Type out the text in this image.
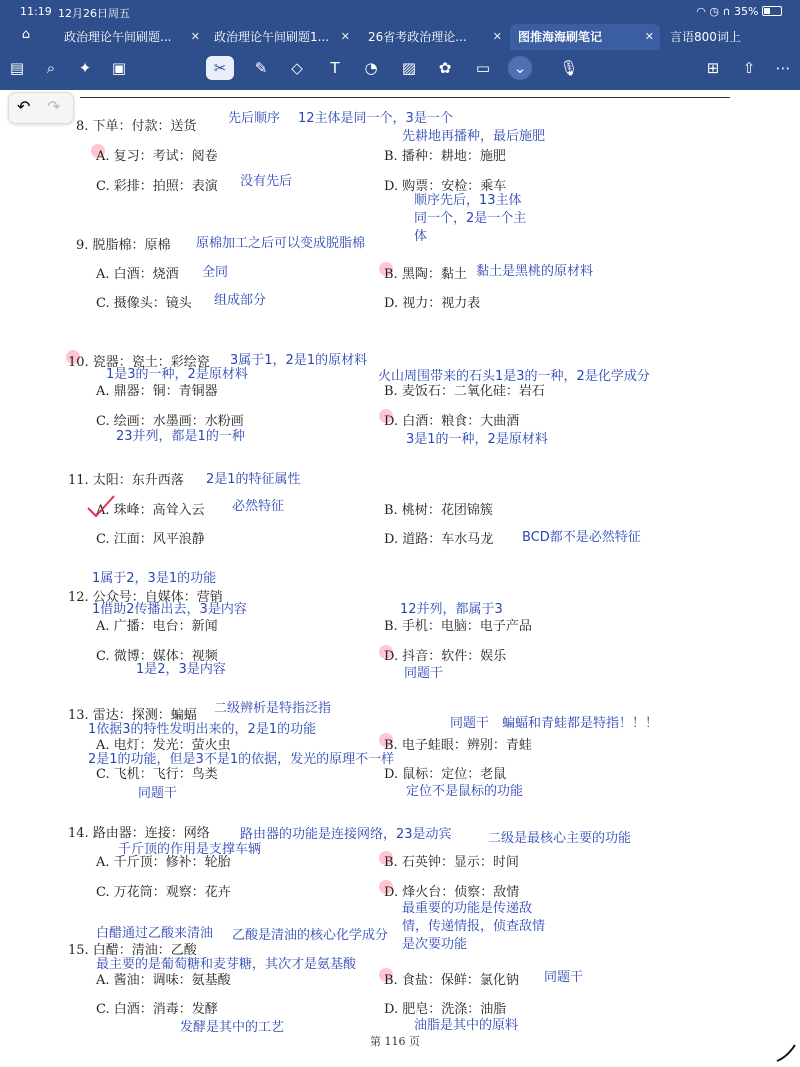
11:19 12月26日周五	◠ ◷ ∩ 35%
⌂	政治理论午间刷题... ✕	政治理论午间刷题1... ✕	26省考政治理论... ✕	图推海海刷笔记	✕	言语800词上
▤	⌕	✦	▣	✂	✎	◇	T	◔	▨	✿	▭	⌄	🎙︎	⊞	⇧	⋯
↶ ↷
8. 下单：付款：送货
A. 复习：考试：阅卷	B. 播种：耕地：施肥
C. 彩排：拍照：表演	D. 购票：安检：乘车
先后顺序 12主体是同一个，3是一个
先耕地再播种，最后施肥
没有先后
顺序先后，13主体
同一个，2是一个主
体
9. 脱脂棉：原棉 原棉加工之后可以变成脱脂棉
A. 白酒：烧酒 全同	B. 黑陶：黏土 黏土是黑桃的原材料
C. 摄像头：镜头 组成部分	D. 视力：视力表
10. 瓷器：瓷土：彩绘瓷 3属于1，2是1的原材料
1是3的一种，2是原材料	火山周围带来的石头1是3的一种，2是化学成分
A. 鼎器：铜：青铜器	B. 麦饭石：二氧化硅：岩石
C. 绘画：水墨画：水粉画	D. 白酒：粮食：大曲酒
23并列，都是1的一种	3是1的一种，2是原材料
11. 太阳：东升西落 2是1的特征属性
A. 珠峰：高耸入云 必然特征	B. 桃树：花团锦簇
C. 江面：风平浪静	D. 道路：车水马龙 BCD都不是必然特征
1属于2，3是1的功能
12. 公众号：自媒体：营销
1借助2传播出去，3是内容	12并列，都属于3
A. 广播：电台：新闻	B. 手机：电脑：电子产品
C. 微博：媒体：视频	D. 抖音：软件：娱乐
1是2，3是内容	同题干
13. 雷达：探测：蝙蝠 二级辨析是特指泛指
1依据3的特性发明出来的，2是1的功能	同题干 蝙蝠和青蛙都是特指！！！
A. 电灯：发光：萤火虫	B. 电子蛙眼：辨别：青蛙
2是1的功能，但是3不是1的依据，发光的原理不一样
C. 飞机：飞行：鸟类	D. 鼠标：定位：老鼠
同题干	定位不是鼠标的功能
14. 路由器：连接：网络 路由器的功能是连接网络，23是动宾	二级是最核心主要的功能
千斤顶的作用是支撑车辆
A. 千斤顶：修补：轮胎	B. 石英钟：显示：时间
C. 万花筒：观察：花卉	D. 烽火台：侦察：敌情
最重要的功能是传递敌
情，传递情报，侦查敌情
是次要功能
白醋通过乙酸来清油 乙酸是清油的核心化学成分
15. 白醋：清油：乙酸
最主要的是葡萄糖和麦芽糖，其次才是氨基酸
A. 酱油：调味：氨基酸	B. 食盐：保鲜：氯化钠 同题干
C. 白酒：消毒：发酵	D. 肥皂：洗涤：油脂
发酵是其中的工艺	油脂是其中的原料
第 116 页
